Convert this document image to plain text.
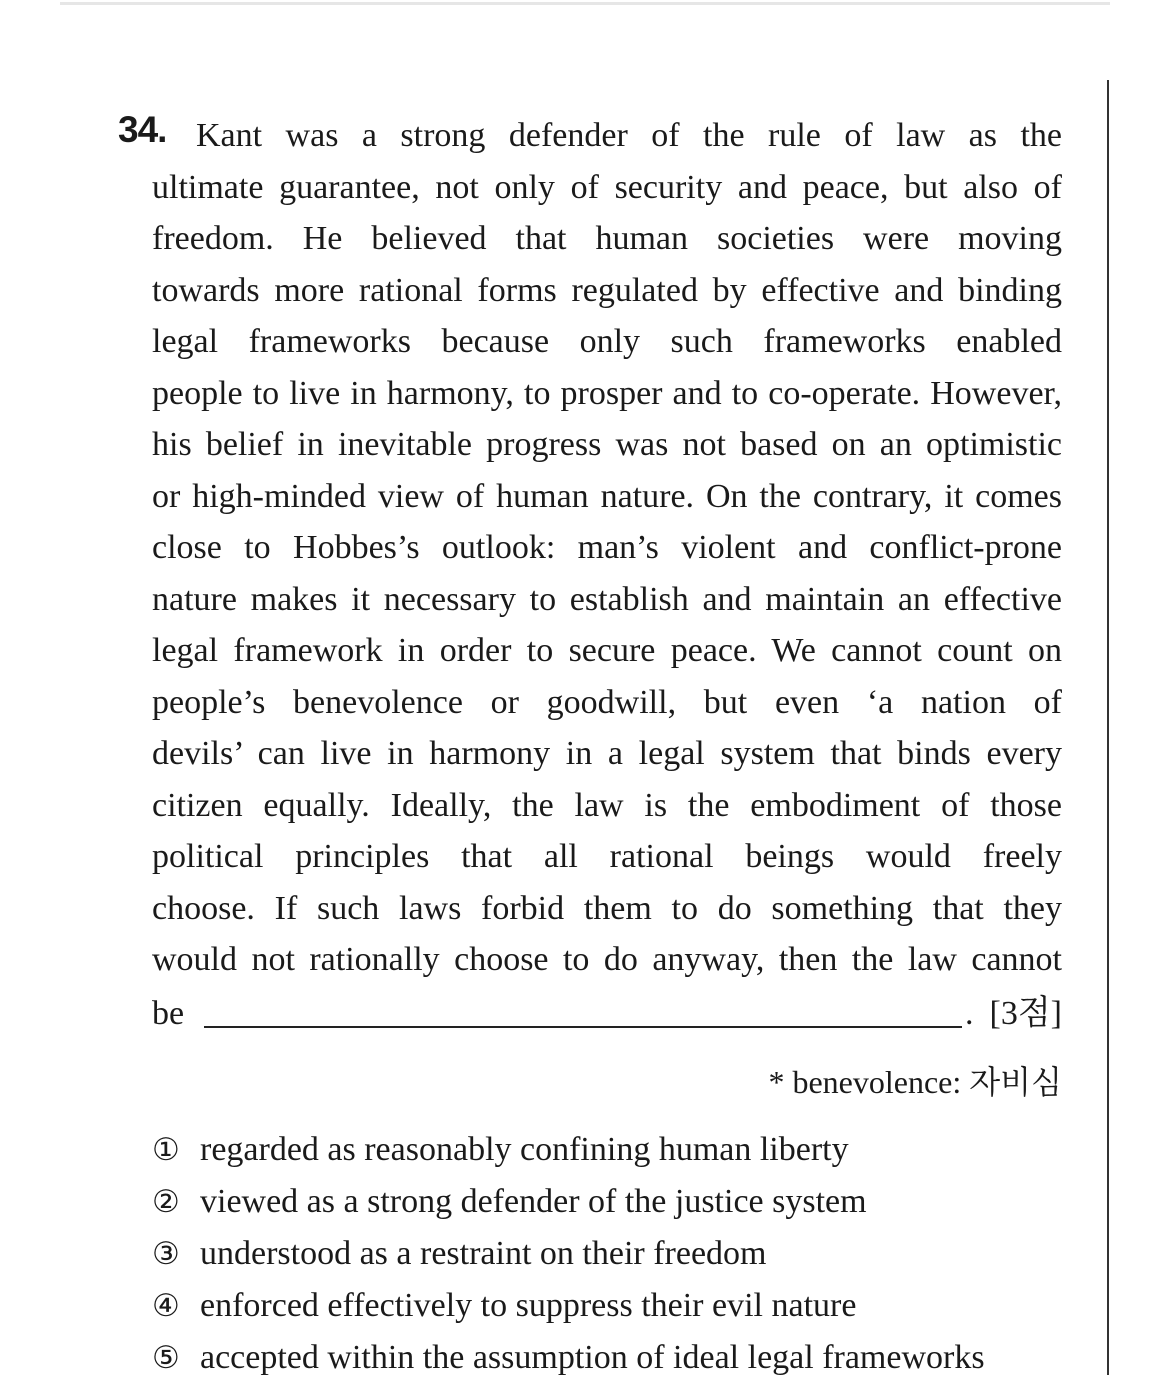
34. Kant was a strong defender of the rule of law as the
ultimate guarantee, not only of security and peace, but also of
freedom. He believed that human societies were moving
towards more rational forms regulated by effective and binding
legal frameworks because only such frameworks enabled
people to live in harmony, to prosper and to co-operate. However,
his belief in inevitable progress was not based on an optimistic
or high-minded view of human nature. On the contrary, it comes
close to Hobbes’s outlook: man’s violent and conflict-prone
nature makes it necessary to establish and maintain an effective
legal framework in order to secure peace. We cannot count on
people’s benevolence or goodwill, but even ‘a nation of
devils’ can live in harmony in a legal system that binds every
citizen equally. Ideally, the law is the embodiment of those
political principles that all rational beings would freely
choose. If such laws forbid them to do something that they
would not rationally choose to do anyway, then the law cannot
be	. [3점]
* benevolence: 자비심
① regarded as reasonably confining human liberty
② viewed as a strong defender of the justice system
③ understood as a restraint on their freedom
④ enforced effectively to suppress their evil nature
⑤ accepted within the assumption of ideal legal frameworks
